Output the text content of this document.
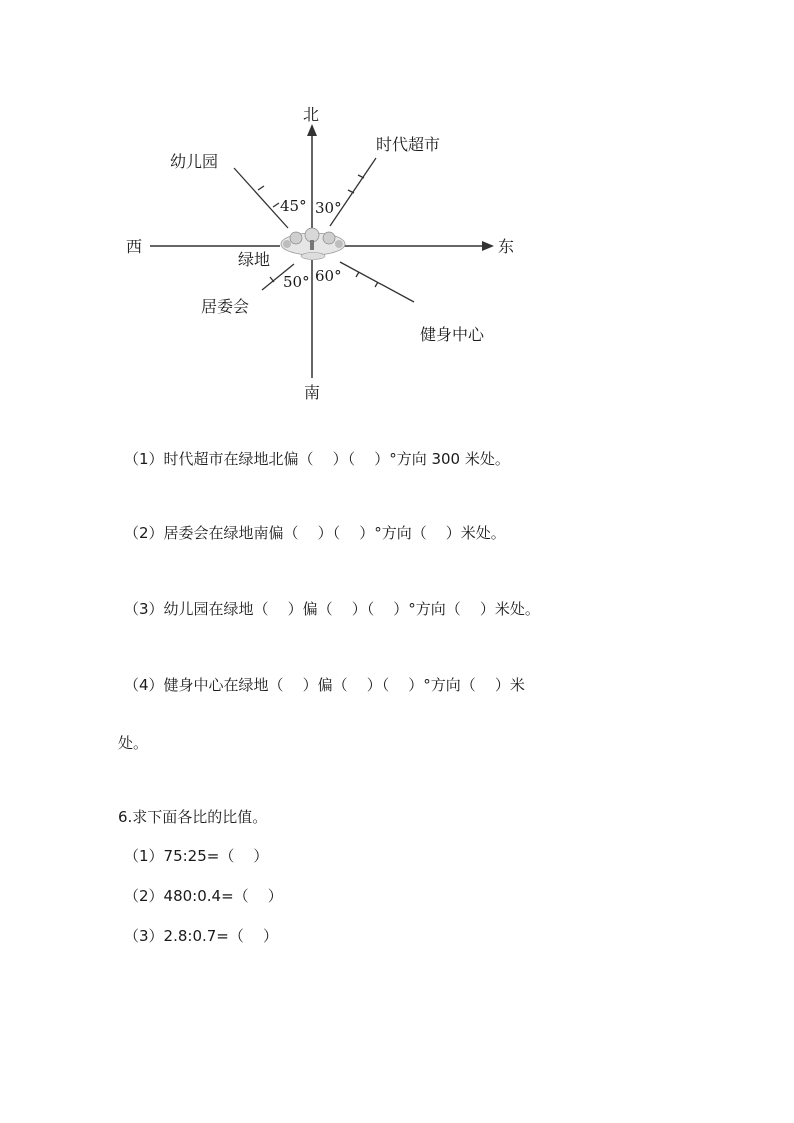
北
南
西	东
绿地
时代超市
幼儿园
居委会
健身中心
45° 30°
50° 60°
（1）时代超市在绿地北偏（    ）（    ）°方向 300 米处。
（2）居委会在绿地南偏（    ）（    ）°方向（    ）米处。
（3）幼儿园在绿地（    ）偏（    ）（    ）°方向（    ）米处。
（4）健身中心在绿地（    ）偏（    ）（    ）°方向（    ）米
处。
6.求下面各比的比值。
（1）75:25=（    ）
（2）480:0.4=（    ）
（3）2.8:0.7=（    ）
